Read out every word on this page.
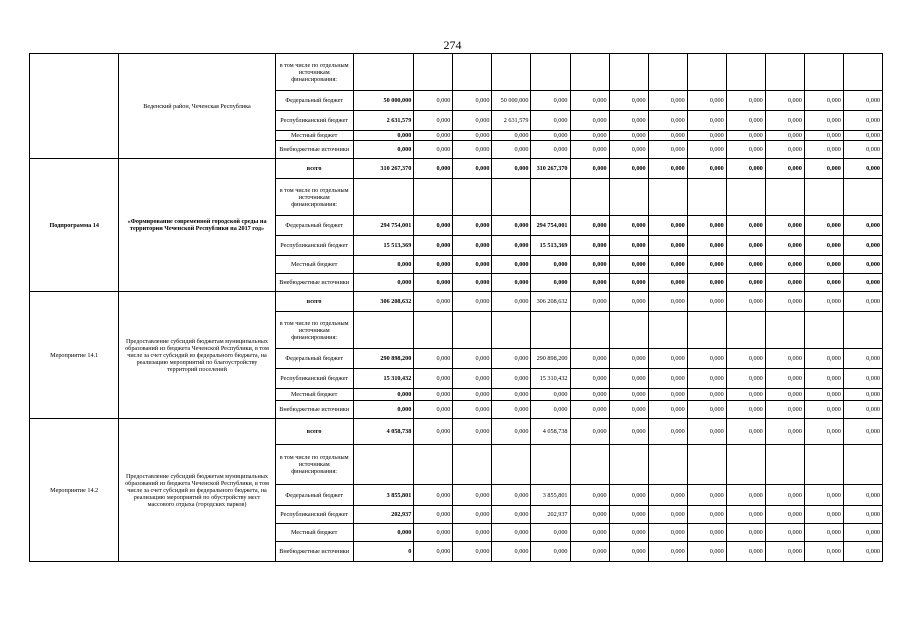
274
	Веденский район, Чеченская Республика	в том числе по отдельным источникам финансирования:													
		Федеральный бюджет	50 000,000	0,000	0,000	50 000,000	0,000	0,000	0,000	0,000	0,000	0,000	0,000	0,000	0,000
		Республиканский бюджет	2 631,579	0,000	0,000	2 631,579	0,000	0,000	0,000	0,000	0,000	0,000	0,000	0,000	0,000
		Местный бюджет	0,000	0,000	0,000	0,000	0,000	0,000	0,000	0,000	0,000	0,000	0,000	0,000	0,000
		Внебюджетные источники	0,000	0,000	0,000	0,000	0,000	0,000	0,000	0,000	0,000	0,000	0,000	0,000	0,000
Подпрограмма 14	«Формирование современной городской среды на территории Чеченской Республики на 2017 год»	всего	310 267,370	0,000	0,000	0,000	310 267,370	0,000	0,000	0,000	0,000	0,000	0,000	0,000	0,000
		в том числе по отдельным источникам финансирования:													
		Федеральный бюджет	294 754,001	0,000	0,000	0,000	294 754,001	0,000	0,000	0,000	0,000	0,000	0,000	0,000	0,000
		Республиканский бюджет	15 513,369	0,000	0,000	0,000	15 513,369	0,000	0,000	0,000	0,000	0,000	0,000	0,000	0,000
		Местный бюджет	0,000	0,000	0,000	0,000	0,000	0,000	0,000	0,000	0,000	0,000	0,000	0,000	0,000
		Внебюджетные источники	0,000	0,000	0,000	0,000	0,000	0,000	0,000	0,000	0,000	0,000	0,000	0,000	0,000
Мероприятие 14.1	Предоставление субсидий бюджетам муниципальных образований из бюджета Чеченской Республики, в том числе за счет субсидий из федерального бюджета, на реализацию мероприятий по благоустройству территорий поселений	всего	306 208,632	0,000	0,000	0,000	306 208,632	0,000	0,000	0,000	0,000	0,000	0,000	0,000	0,000
		в том числе по отдельным источникам финансирования:													
		Федеральный бюджет	290 898,200	0,000	0,000	0,000	290 898,200	0,000	0,000	0,000	0,000	0,000	0,000	0,000	0,000
		Республиканский бюджет	15 310,432	0,000	0,000	0,000	15 310,432	0,000	0,000	0,000	0,000	0,000	0,000	0,000	0,000
		Местный бюджет	0,000	0,000	0,000	0,000	0,000	0,000	0,000	0,000	0,000	0,000	0,000	0,000	0,000
		Внебюджетные источники	0,000	0,000	0,000	0,000	0,000	0,000	0,000	0,000	0,000	0,000	0,000	0,000	0,000
Мероприятие 14.2	Предоставление субсидий бюджетам муниципальных образований из бюджета Чеченской Республики, в том числе за счет субсидий из федерального бюджета, на реализацию мероприятий по обустройству мест массового отдыха (городских парков)	всего	4 058,738	0,000	0,000	0,000	4 058,738	0,000	0,000	0,000	0,000	0,000	0,000	0,000	0,000
		в том числе по отдельным источникам финансирования:													
		Федеральный бюджет	3 855,801	0,000	0,000	0,000	3 855,801	0,000	0,000	0,000	0,000	0,000	0,000	0,000	0,000
		Республиканский бюджет	202,937	0,000	0,000	0,000	202,937	0,000	0,000	0,000	0,000	0,000	0,000	0,000	0,000
		Местный бюджет	0,000	0,000	0,000	0,000	0,000	0,000	0,000	0,000	0,000	0,000	0,000	0,000	0,000
		Внебюджетные источники	0	0,000	0,000	0,000	0,000	0,000	0,000	0,000	0,000	0,000	0,000	0,000	0,000
